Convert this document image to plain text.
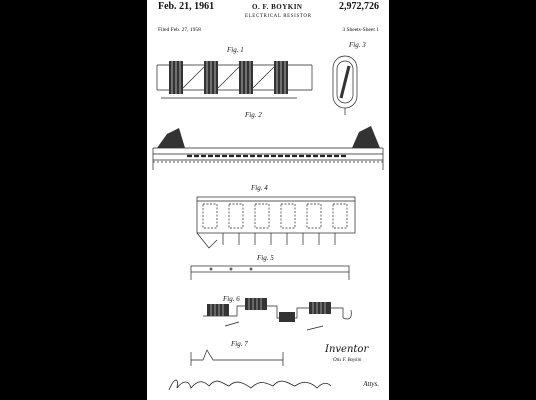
Feb. 21, 1961	O. F. BOYKIN	2,972,726
ELECTRICAL RESISTOR
Filed Feb. 27, 1958	3 Sheets-Sheet 1
Fig. 1
Fig. 3
Fig. 2
Fig. 4
Fig. 5
Fig. 6
Fig. 7	Inventor
Otis F. Boykin
Attys.
